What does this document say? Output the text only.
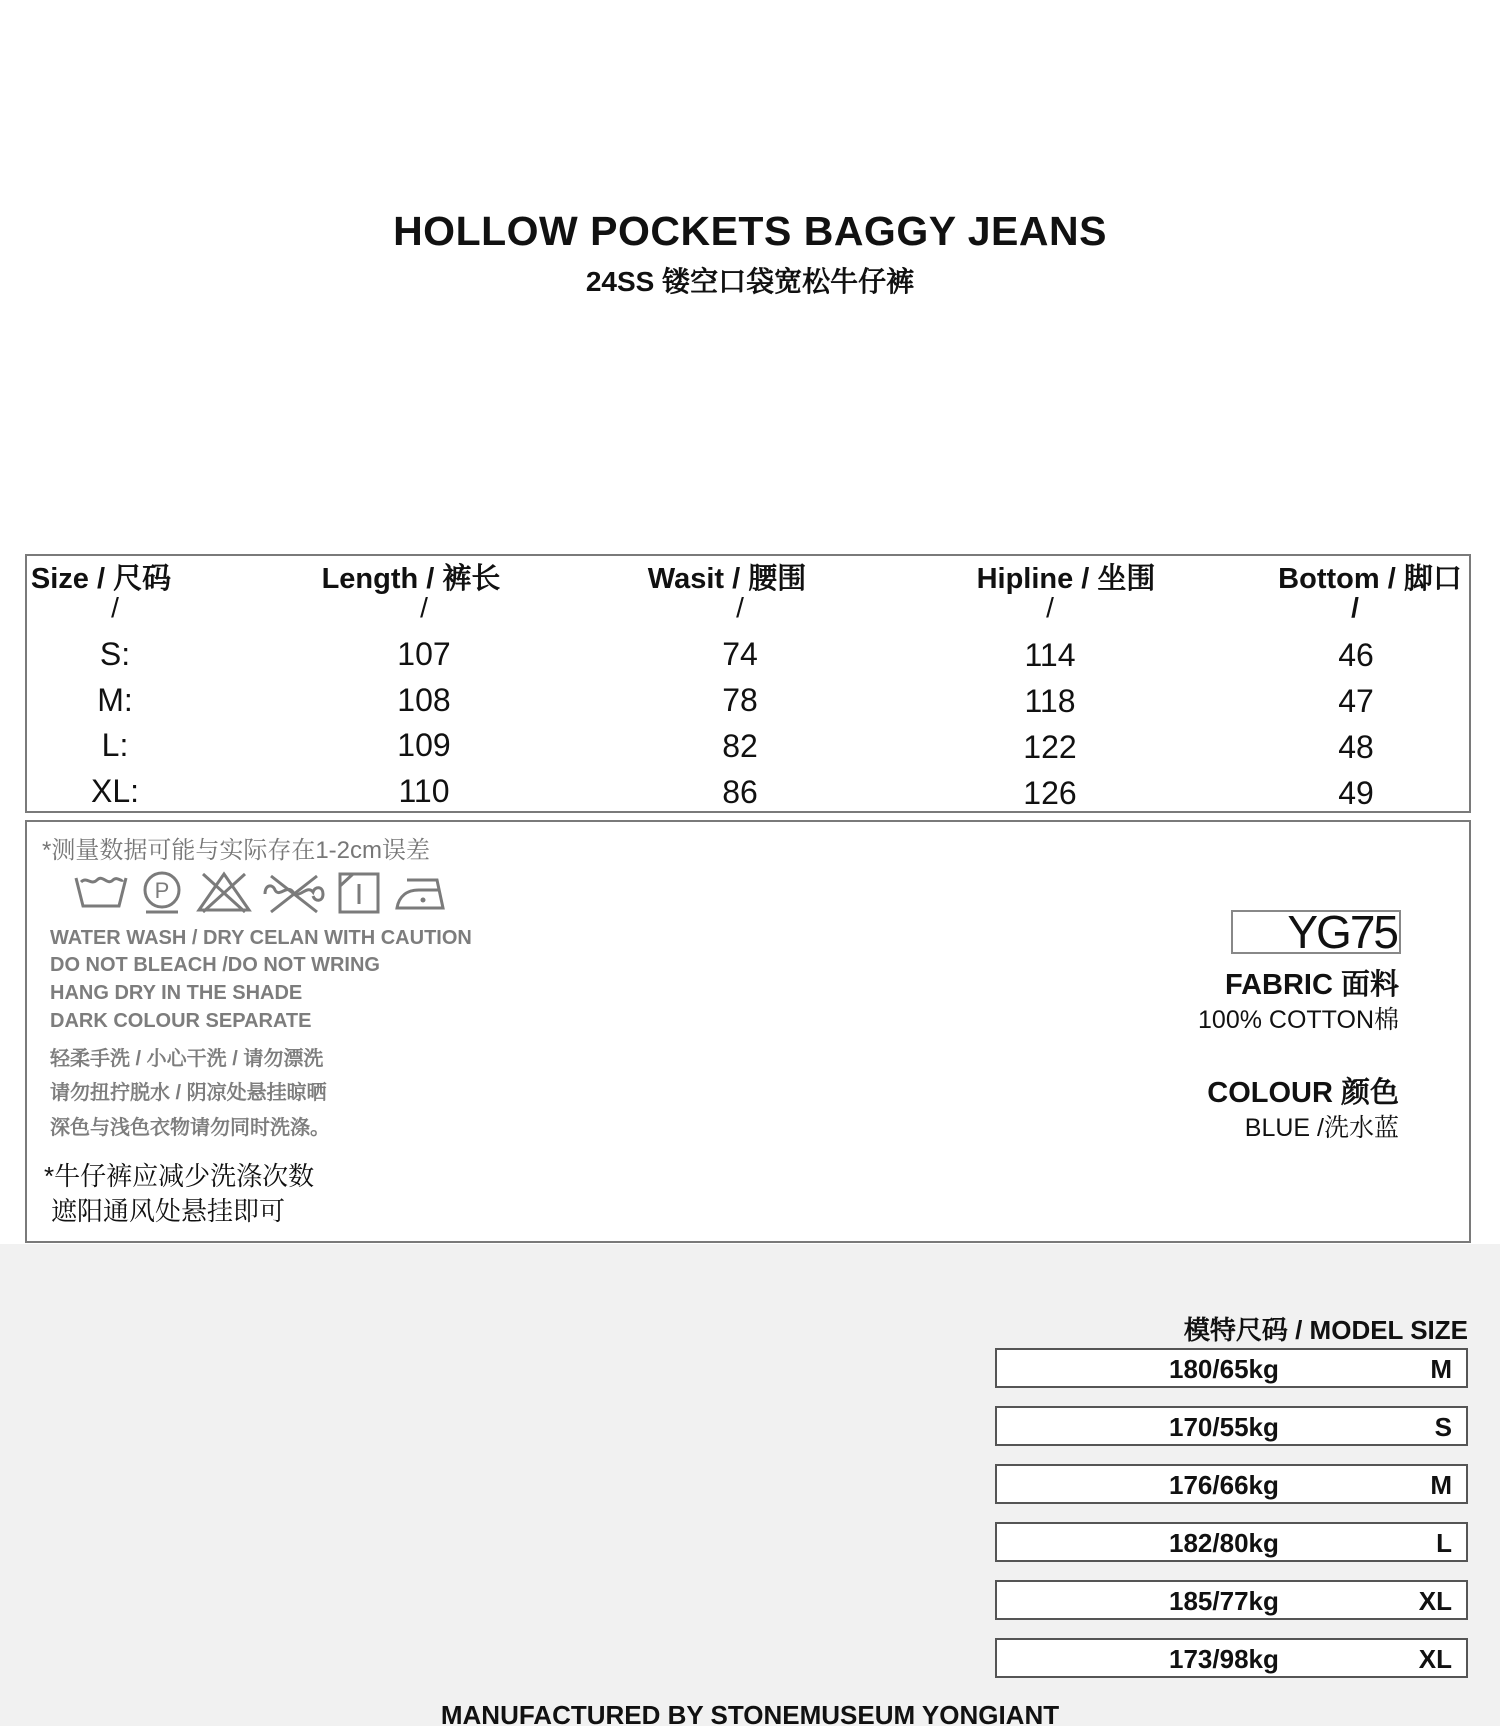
HOLLOW POCKETS BAGGY JEANS
24SS 镂空口袋宽松牛仔裤
Size / 尺码	Length / 裤长	Wasit / 腰围	Hipline / 坐围	Bottom / 脚口
/	/	/	/	/
S:	107	74	114	46
M:	108	78	118	47
L:	109	82	122	48
XL:	110	86	126	49
*测量数据可能与实际存在1-2cm误差
P
WATER WASH / DRY CELAN WITH CAUTION
DO NOT BLEACH /DO NOT WRING
HANG DRY IN THE SHADE
DARK COLOUR SEPARATE
轻柔手洗 / 小心干洗 / 请勿漂洗
请勿扭拧脱水 / 阴凉处悬挂晾晒
深色与浅色衣物请勿同时洗涤。
*牛仔裤应减少洗涤次数
遮阳通风处悬挂即可
YG75
FABRIC 面料
100% COTTON棉
COLOUR 颜色
BLUE /洗水蓝
模特尺码 / MODEL SIZE
180/65kg	M
170/55kg	S
176/66kg	M
182/80kg	L
185/77kg	XL
173/98kg	XL
MANUFACTURED BY STONEMUSEUM YONGIANT
